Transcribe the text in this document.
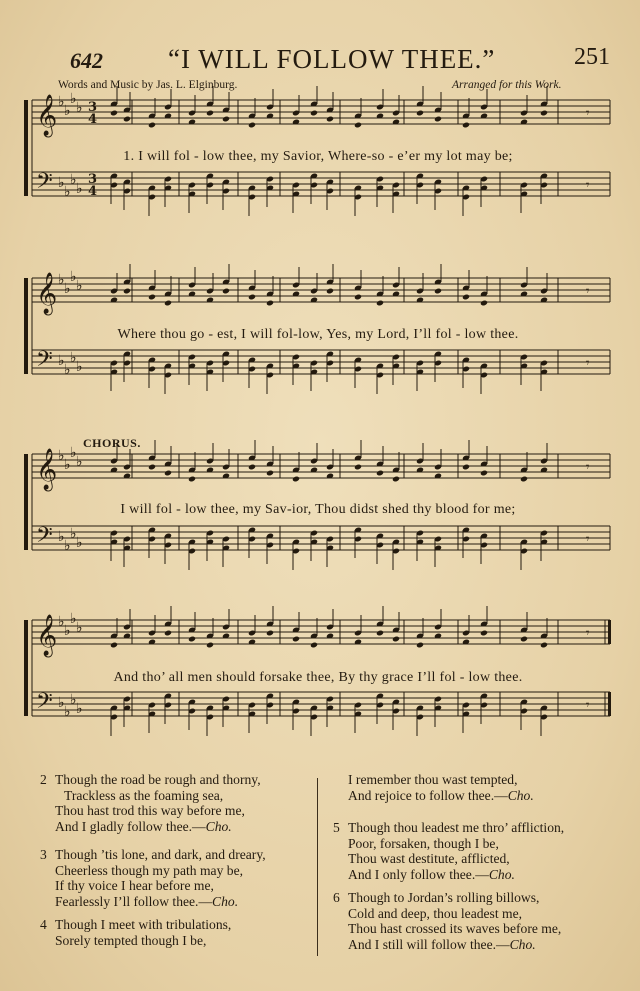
642 “I WILL FOLLOW THEE.”	251
Words and Music by Jas. L. Elginburg.	Arranged for this Work.
𝄞 ♭
♭
♭
♭ 3
4	𝄾
𝄢 ♭
♭
♭
♭
3
4	𝄾
1. I will fol - low thee, my Savior, Where-so - e’er my lot may be;
𝄞 ♭
♭
♭
♭	𝄾
𝄢 ♭
♭
♭
♭	𝄾
Where thou go - est, I will fol-low, Yes, my Lord, I’ll fol - low thee.
CHORUS.
𝄞 ♭
♭
♭
♭	𝄾
𝄢 ♭
♭
♭
♭	𝄾
I will fol - low thee, my Sav-ior, Thou didst shed thy blood for me;
𝄞 ♭
♭
♭
♭	𝄾
𝄢 ♭
♭
♭
♭	𝄾
And tho’ all men should forsake thee, By thy grace I’ll fol - low thee.
2 Though the road be rough and thorny,
Trackless as the foaming sea,
Thou hast trod this way before me,
And I gladly follow thee.—Cho.
3 Though ’tis lone, and dark, and dreary,
Cheerless though my path may be,
If thy voice I hear before me,
Fearlessly I’ll follow thee.—Cho.
4 Though I meet with tribulations,
Sorely tempted though I be,
I remember thou wast tempted,
And rejoice to follow thee.—Cho.
5 Though thou leadest me thro’ affliction,
Poor, forsaken, though I be,
Thou wast destitute, afflicted,
And I only follow thee.—Cho.
6 Though to Jordan’s rolling billows,
Cold and deep, thou leadest me,
Thou hast crossed its waves before me,
And I still will follow thee.—Cho.
